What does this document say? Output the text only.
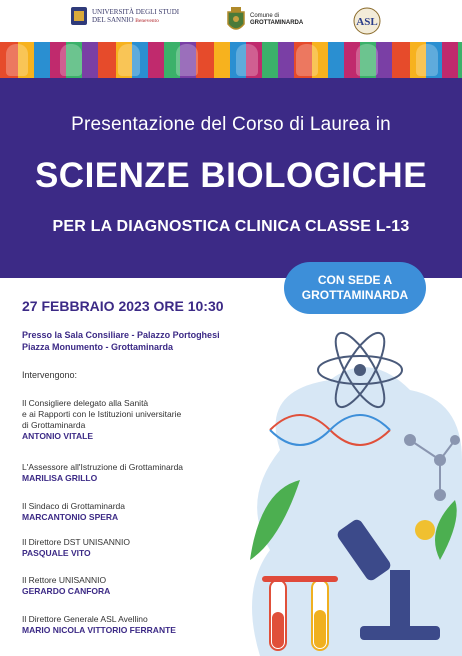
UNIVERSITÀ DEGLI STUDI
DEL SANNIO Benevento
Comune di
GROTTAMINARDA	ASL
Presentazione del Corso di Laurea in
SCIENZE BIOLOGICHE
PER LA DIAGNOSTICA CLINICA CLASSE L-13
CON SEDE A
GROTTAMINARDA
27 FEBBRAIO 2023 ORE 10:30
Presso la Sala Consiliare - Palazzo Portoghesi
Piazza Monumento - Grottaminarda
Intervengono:
Il Consigliere delegato alla Sanità
e ai Rapporti con le Istituzioni universitarie
di Grottaminarda
ANTONIO VITALE
L'Assessore all'Istruzione di Grottaminarda
MARILISA GRILLO
Il Sindaco di Grottaminarda
MARCANTONIO SPERA
Il Direttore DST UNISANNIO
PASQUALE VITO
Il Rettore UNISANNIO
GERARDO CANFORA
Il Direttore Generale ASL Avellino
MARIO NICOLA VITTORIO FERRANTE
